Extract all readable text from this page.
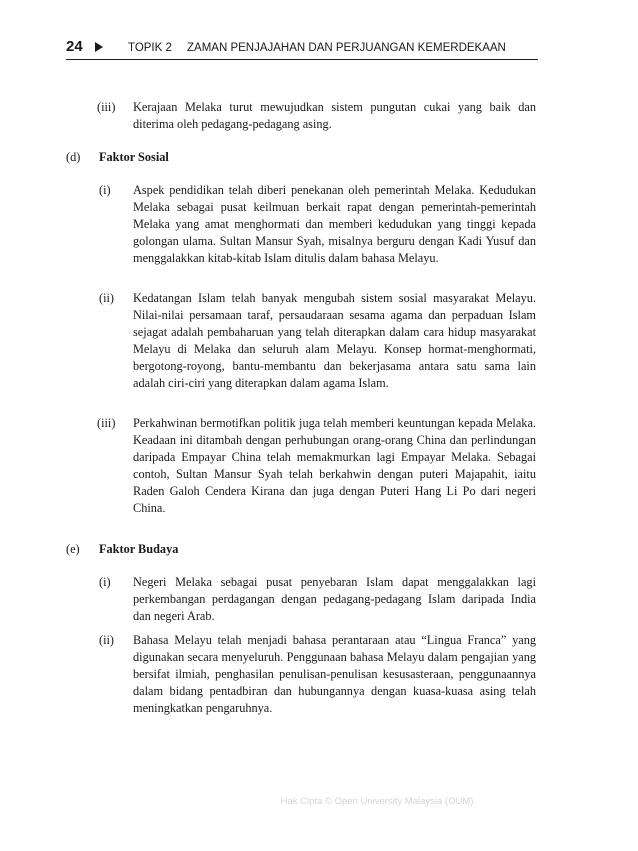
24	TOPIK 2 ZAMAN PENJAJAHAN DAN PERJUANGAN KEMERDEKAAN
(iii) Kerajaan Melaka turut mewujudkan sistem pungutan cukai yang baik dan diterima oleh pedagang-pedagang asing.

(d) Faktor Sosial
(i) Aspek pendidikan telah diberi penekanan oleh pemerintah Melaka. Kedudukan Melaka sebagai pusat keilmuan berkait rapat dengan pemerintah-pemerintah Melaka yang amat menghormati dan memberi kedudukan yang tinggi kepada golongan ulama. Sultan Mansur Syah, misalnya berguru dengan Kadi Yusuf dan menggalakkan kitab-kitab Islam ditulis dalam bahasa Melayu.

(ii) Kedatangan Islam telah banyak mengubah sistem sosial masyarakat Melayu. Nilai-nilai persamaan taraf, persaudaraan sesama agama dan perpaduan Islam sejagat adalah pembaharuan yang telah diterapkan dalam cara hidup masyarakat Melayu di Melaka dan seluruh alam Melayu. Konsep hormat-menghormati, bergotong-royong, bantu-membantu dan bekerjasama antara satu sama lain adalah ciri-ciri yang diterapkan dalam agama Islam.

(iii) Perkahwinan bermotifkan politik juga telah memberi keuntungan kepada Melaka. Keadaan ini ditambah dengan perhubungan orang-orang China dan perlindungan daripada Empayar China telah memakmurkan lagi Empayar Melaka. Sebagai contoh, Sultan Mansur Syah telah berkahwin dengan puteri Majapahit, iaitu Raden Galoh Cendera Kirana dan juga dengan Puteri Hang Li Po dari negeri China.

(e) Faktor Budaya
(i) Negeri Melaka sebagai pusat penyebaran Islam dapat menggalakkan lagi perkembangan perdagangan dengan pedagang-pedagang Islam daripada India dan negeri Arab.

(ii) Bahasa Melayu telah menjadi bahasa perantaraan atau “Lingua Franca” yang digunakan secara menyeluruh. Penggunaan bahasa Melayu dalam pengajian yang bersifat ilmiah, penghasilan penulisan-penulisan kesusasteraan, penggunaannya dalam bidang pentadbiran dan hubungannya dengan kuasa-kuasa asing telah meningkatkan pengaruhnya.

Hak Cipta © Open University Malaysia (OUM)
